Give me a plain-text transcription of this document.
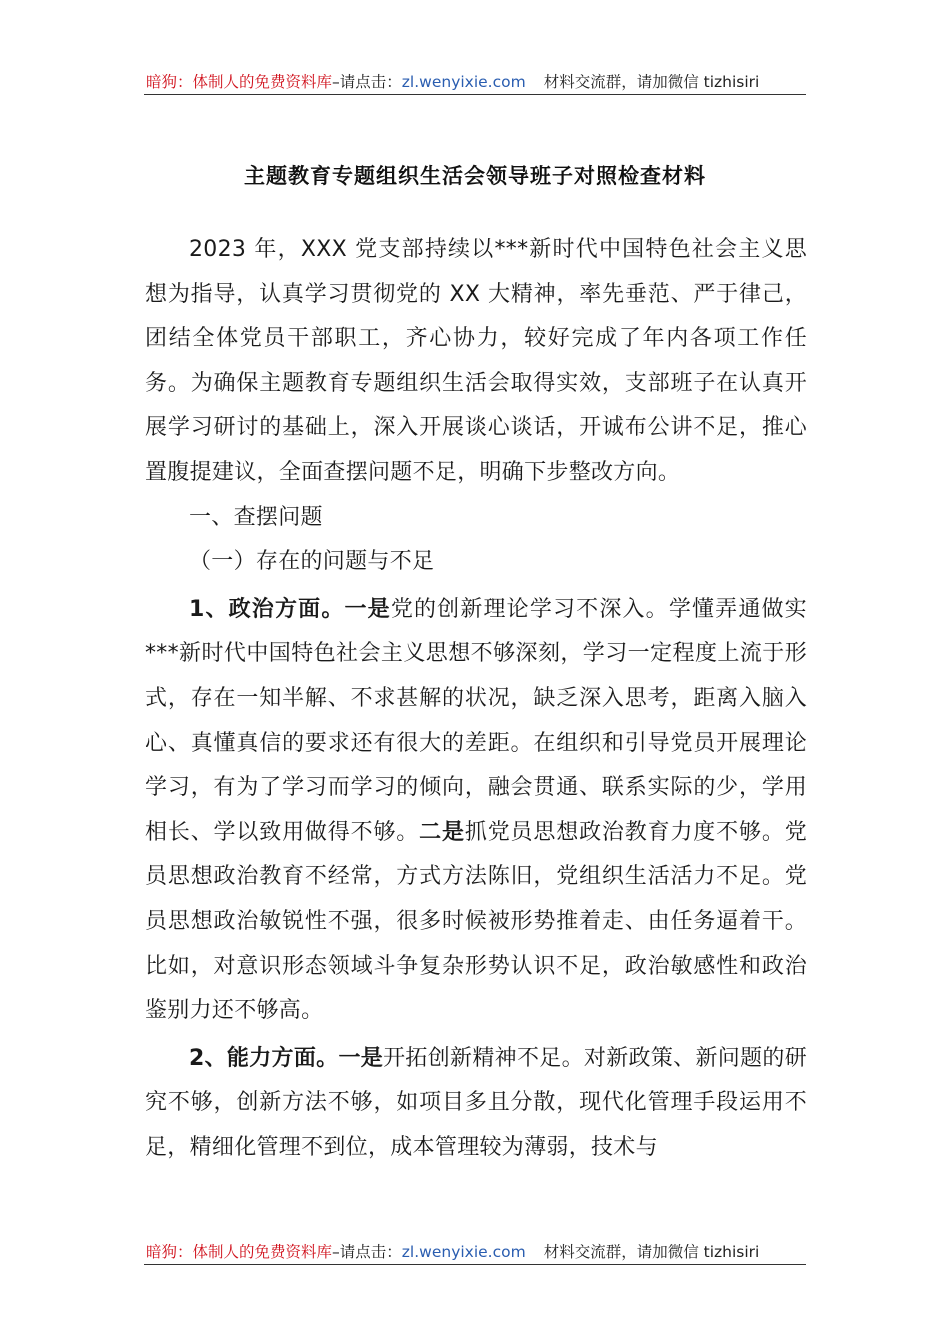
暗狗：体制人的免费资料库–请点击：zl.wenyixie.com 材料交流群，请加微信 tizhisiri
主题教育专题组织生活会领导班子对照检查材料

2023 年，XXX 党支部持续以***新时代中国特色社会主义思想为指导，认真学习贯彻党的 XX 大精神，率先垂范、严于律己，团结全体党员干部职工，齐心协力，较好完成了年内各项工作任务。为确保主题教育专题组织生活会取得实效，支部班子在认真开展学习研讨的基础上，深入开展谈心谈话，开诚布公讲不足，推心置腹提建议，全面查摆问题不足，明确下步整改方向。

一、查摆问题

（一）存在的问题与不足

1、政治方面。一是党的创新理论学习不深入。学懂弄通做实***新时代中国特色社会主义思想不够深刻，学习一定程度上流于形式，存在一知半解、不求甚解的状况，缺乏深入思考，距离入脑入心、真懂真信的要求还有很大的差距。在组织和引导党员开展理论学习，有为了学习而学习的倾向，融会贯通、联系实际的少，学用相长、学以致用做得不够。二是抓党员思想政治教育力度不够。党员思想政治教育不经常，方式方法陈旧，党组织生活活力不足。党员思想政治敏锐性不强，很多时候被形势推着走、由任务逼着干。比如，对意识形态领域斗争复杂形势认识不足，政治敏感性和政治鉴别力还不够高。

2、能力方面。一是开拓创新精神不足。对新政策、新问题的研究不够，创新方法不够，如项目多且分散，现代化管理手段运用不足，精细化管理不到位，成本管理较为薄弱，技术与

暗狗：体制人的免费资料库–请点击：zl.wenyixie.com 材料交流群，请加微信 tizhisiri
